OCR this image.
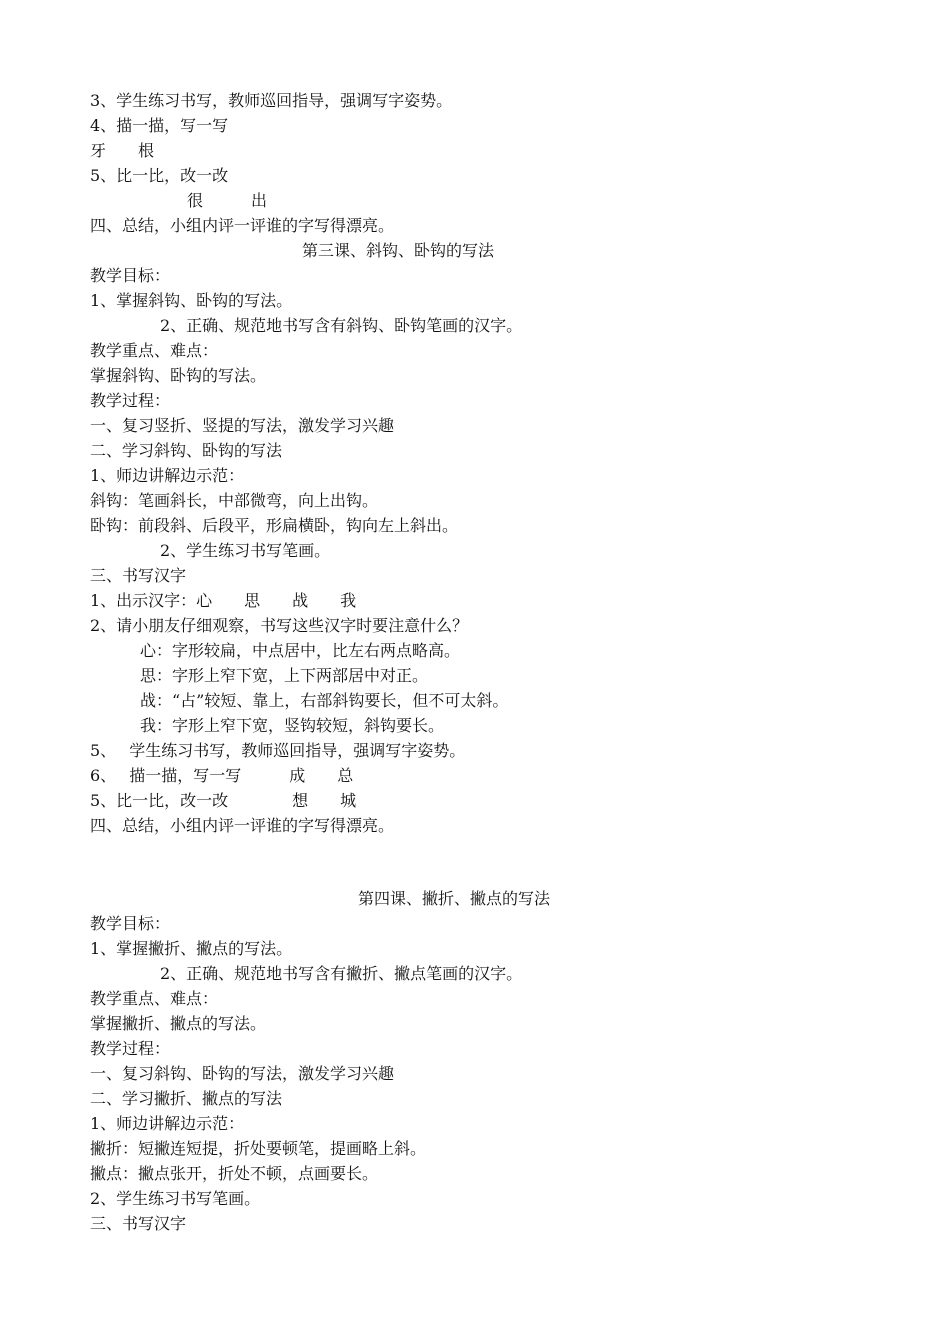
3、学生练习书写，教师巡回指导，强调写字姿势。
4、描一描，写一写
牙　　根
5、比一比，改一改
很　　　出
四、总结，小组内评一评谁的字写得漂亮。
第三课、斜钩、卧钩的写法
教学目标：
1、掌握斜钩、卧钩的写法。
2、正确、规范地书写含有斜钩、卧钩笔画的汉字。
教学重点、难点：
掌握斜钩、卧钩的写法。
教学过程：
一、复习竖折、竖提的写法，激发学习兴趣
二、学习斜钩、卧钩的写法
1、师边讲解边示范：
斜钩：笔画斜长，中部微弯，向上出钩。
卧钩：前段斜、后段平，形扁横卧，钩向左上斜出。
2、学生练习书写笔画。
三、书写汉字
1、出示汉字：心　　思　　战　　我
2、请小朋友仔细观察，书写这些汉字时要注意什么？
心：字形较扁，中点居中，比左右两点略高。
思：字形上窄下宽，上下两部居中对正。
战：“占”较短、靠上，右部斜钩要长，但不可太斜。
我：字形上窄下宽，竖钩较短，斜钩要长。
5、　 学生练习书写，教师巡回指导，强调写字姿势。
6、　 描一描，写一写　　　成　　总
5、比一比，改一改　　　　想　　城
四、总结，小组内评一评谁的字写得漂亮。
第四课、撇折、撇点的写法
教学目标：
1、掌握撇折、撇点的写法。
2、正确、规范地书写含有撇折、撇点笔画的汉字。
教学重点、难点：
掌握撇折、撇点的写法。
教学过程：
一、复习斜钩、卧钩的写法，激发学习兴趣
二、学习撇折、撇点的写法
1、师边讲解边示范：
撇折：短撇连短提，折处要顿笔，提画略上斜。
撇点：撇点张开，折处不顿，点画要长。
2、学生练习书写笔画。
三、书写汉字
